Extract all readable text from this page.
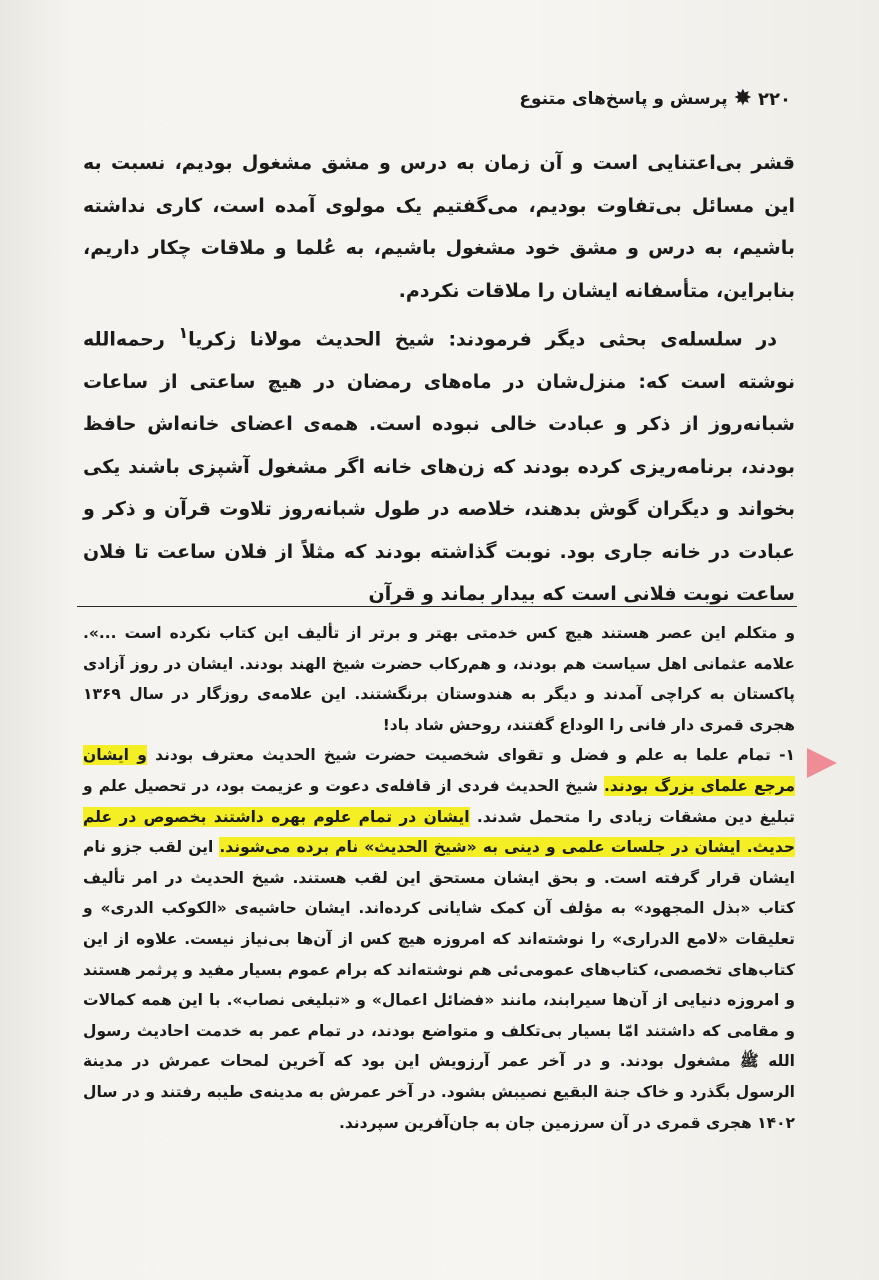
۲۲۰
✸
پرسش و پاسخ‌های متنوع

قشر بی‌اعتنایی است و آن زمان به درس و مشق مشغول بودیم، نسبت به این مسائل بی‌تفاوت بودیم، می‌گفتیم یک مولوی آمده است، کاری نداشته باشیم، به درس و مشق خود مشغول باشیم، به عُلما و ملاقات چکار داریم، بنابراین، متأسفانه ایشان را ملاقات نکردم.

در سلسله‌ی بحثی دیگر فرمودند: شیخ الحدیث مولانا زکریا$^۱$ رحمه‌الله نوشته است که: منزل‌شان در ماه‌های رمضان در هیچ ساعتی از ساعات شبانه‌روز از ذکر و عبادت خالی نبوده است. همه‌ی اعضای خانه‌اش حافظ بودند، برنامه‌ریزی کرده بودند که زن‌های خانه اگر مشغول آشپزی باشند یکی بخواند و دیگران گوش بدهند، خلاصه در طول شبانه‌روز تلاوت قرآن و ذکر و عبادت در خانه جاری بود. نوبت گذاشته بودند که مثلاً از فلان ساعت تا فلان ساعت نوبت فلانی است که بیدار بماند و قرآن

و متکلم این عصر هستند هیچ کس خدمتی بهتر و برتر از تألیف این کتاب نکرده است ...». علامه عثمانی اهل سیاست هم بودند، و هم‌رکاب حضرت شیخ الهند بودند. ایشان در روز آزادی پاکستان به کراچی آمدند و دیگر به هندوستان برنگشتند. این علامه‌ی روزگار در سال ۱۳۶۹ هجری قمری دار فانی را الوداع گفتند، روحش شاد باد!

۱- تمام علما به علم و فضل و تقوای شخصیت حضرت شیخ الحدیث معترف بودند و ایشان مرجع علمای بزرگ بودند. شیخ الحدیث فردی از قافله‌ی دعوت و عزیمت بود، در تحصیل علم و تبلیغ دین مشقات زیادی را متحمل شدند. ایشان در تمام علوم بهره داشتند بخصوص در علم حدیث. ایشان در جلسات علمی و دینی به «شیخ الحدیث» نام برده می‌شوند. این لقب جزو نام ایشان قرار گرفته است. و بحق ایشان مستحق این لقب هستند. شیخ الحدیث در امر تألیف کتاب «بذل المجهود» به مؤلف آن کمک شایانی کرده‌اند. ایشان حاشیه‌ی «الکوکب الدری» و تعلیقات «لامع الدراری» را نوشته‌اند که امروزه هیچ کس از آن‌ها بی‌نیاز نیست. علاوه از این کتاب‌های تخصصی، کتاب‌های عمومی‌ئی هم نوشته‌اند که برام عموم بسیار مفید و پرثمر هستند و امروزه دنیایی از آن‌ها سیرابند، مانند «فضائل اعمال» و «تبلیغی نصاب». با این همه کمالات و مقامی که داشتند امّا بسیار بی‌تکلف و متواضع بودند، در تمام عمر به خدمت احادیث رسول الله ﷺ مشغول بودند. و در آخر عمر آرزویش این بود که آخرین لمحات عمرش در مدینة الرسول بگذرد و خاک جنة البقیع نصیبش بشود. در آخر عمرش به مدینه‌ی طیبه رفتند و در سال ۱۴۰۲ هجری قمری در آن سرزمین جان به جان‌آفرین سپردند.
